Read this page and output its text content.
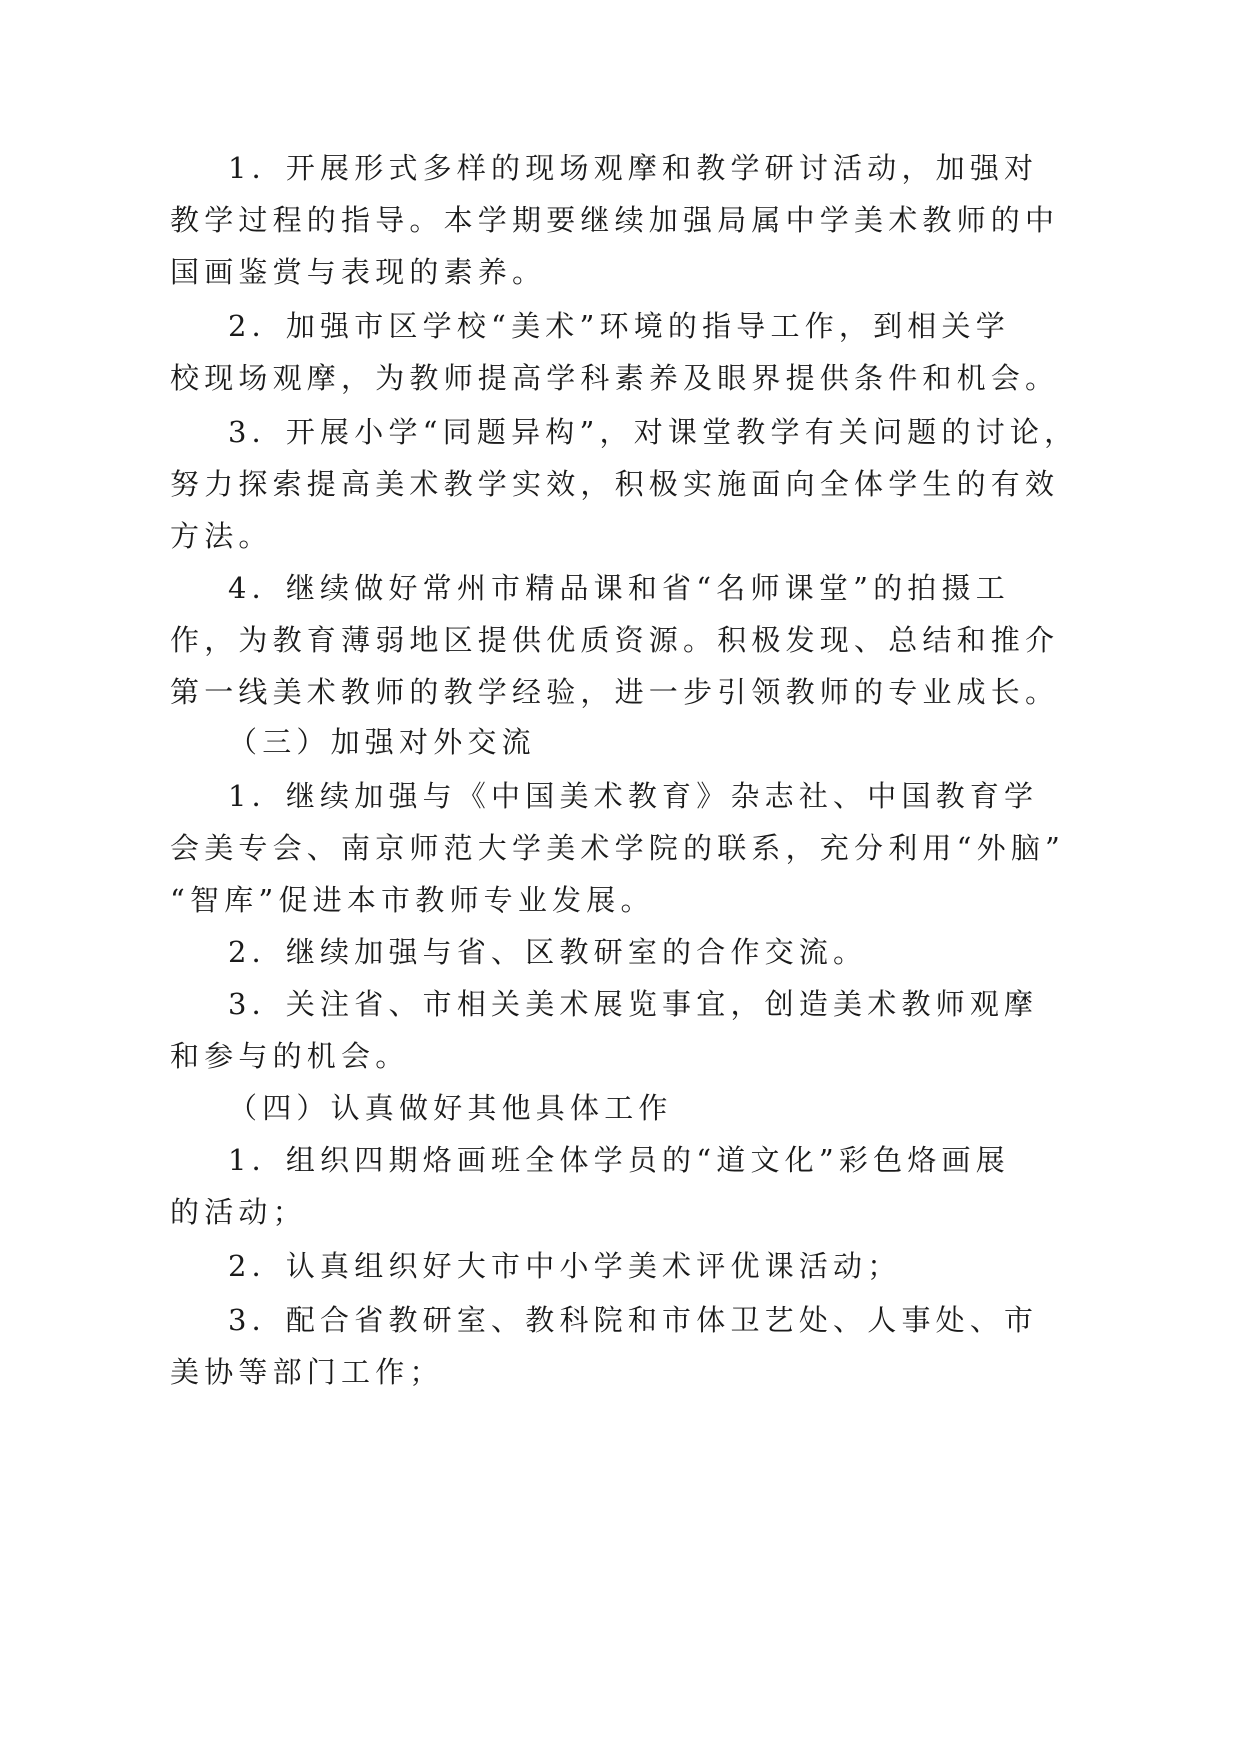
1．开展形式多样的现场观摩和教学研讨活动，加强对
教学过程的指导。本学期要继续加强局属中学美术教师的中
国画鉴赏与表现的素养。
2．加强市区学校“美术”环境的指导工作，到相关学
校现场观摩，为教师提高学科素养及眼界提供条件和机会。
3．开展小学“同题异构”，对课堂教学有关问题的讨论，
努力探索提高美术教学实效，积极实施面向全体学生的有效
方法。
4．继续做好常州市精品课和省“名师课堂”的拍摄工
作，为教育薄弱地区提供优质资源。积极发现、总结和推介
第一线美术教师的教学经验，进一步引领教师的专业成长。
（三）加强对外交流
1．继续加强与《中国美术教育》杂志社、中国教育学
会美专会、南京师范大学美术学院的联系，充分利用“外脑”
“智库”促进本市教师专业发展。
2．继续加强与省、区教研室的合作交流。
3．关注省、市相关美术展览事宜，创造美术教师观摩
和参与的机会。
（四）认真做好其他具体工作
1．组织四期烙画班全体学员的“道文化”彩色烙画展
的活动；
2．认真组织好大市中小学美术评优课活动；
3．配合省教研室、教科院和市体卫艺处、人事处、市
美协等部门工作；
